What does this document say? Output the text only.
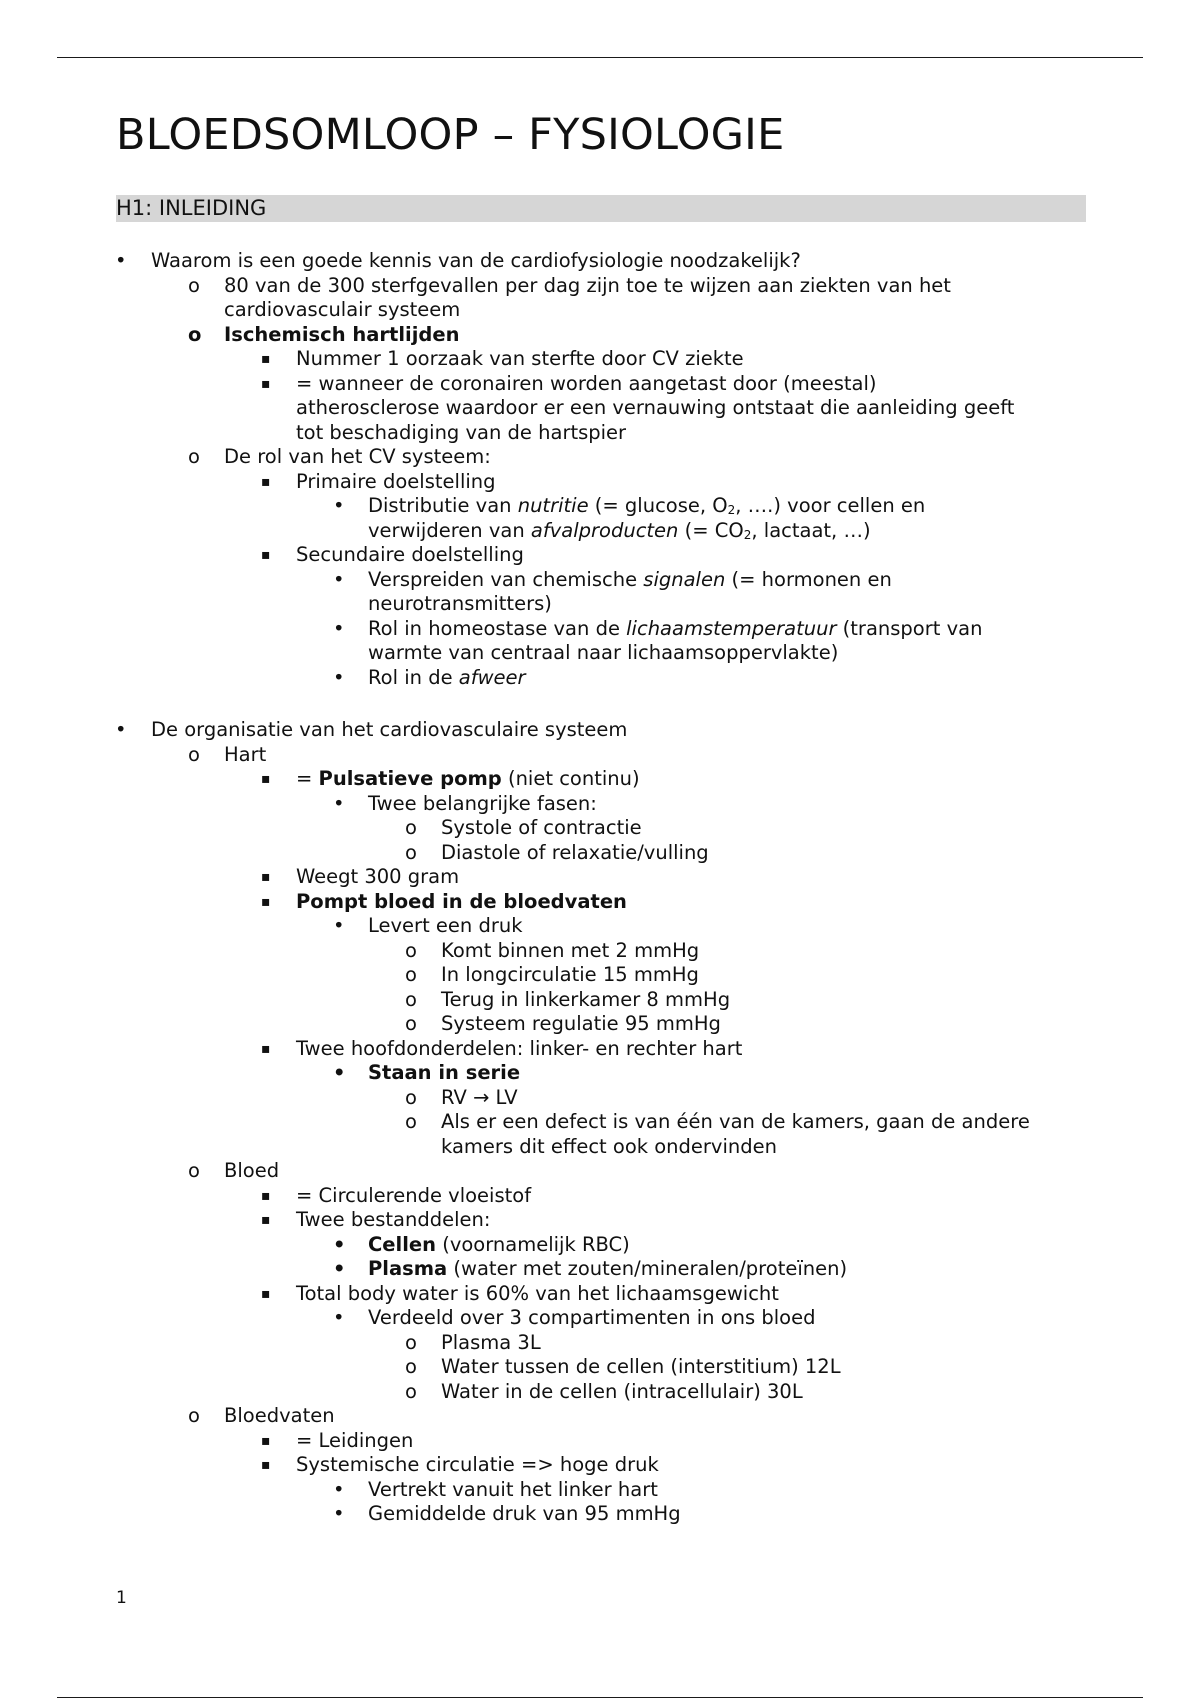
BLOEDSOMLOOP – FYSIOLOGIE
H1: INLEIDING
• Waarom is een goede kennis van de cardiofysiologie noodzakelijk?
o 80 van de 300 sterfgevallen per dag zijn toe te wijzen aan ziekten van het
cardiovasculair systeem
o Ischemisch hartlijden
▪ Nummer 1 oorzaak van sterfte door CV ziekte
▪ = wanneer de coronairen worden aangetast door (meestal)
atherosclerose waardoor er een vernauwing ontstaat die aanleiding geeft
tot beschadiging van de hartspier
o De rol van het CV systeem:
▪ Primaire doelstelling
• Distributie van nutritie (= glucose, $O_2$, ….) voor cellen en
verwijderen van afvalproducten (= $CO_2$, lactaat, …)
▪ Secundaire doelstelling
• Verspreiden van chemische signalen (= hormonen en
neurotransmitters)
• Rol in homeostase van de lichaamstemperatuur (transport van
warmte van centraal naar lichaamsoppervlakte)
• Rol in de afweer
• De organisatie van het cardiovasculaire systeem
o Hart
▪ = Pulsatieve pomp (niet continu)
• Twee belangrijke fasen:
o Systole of contractie
o Diastole of relaxatie/vulling
▪ Weegt 300 gram
▪ Pompt bloed in de bloedvaten
• Levert een druk
o Komt binnen met 2 mmHg
o In longcirculatie 15 mmHg
o Terug in linkerkamer 8 mmHg
o Systeem regulatie 95 mmHg
▪ Twee hoofdonderdelen: linker- en rechter hart
• Staan in serie
o RV → LV
o Als er een defect is van één van de kamers, gaan de andere
kamers dit effect ook ondervinden
o Bloed
▪ = Circulerende vloeistof
▪ Twee bestanddelen:
• Cellen (voornamelijk RBC)
• Plasma (water met zouten/mineralen/proteïnen)
▪ Total body water is 60% van het lichaamsgewicht
• Verdeeld over 3 compartimenten in ons bloed
o Plasma 3L
o Water tussen de cellen (interstitium) 12L
o Water in de cellen (intracellulair) 30L
o Bloedvaten
▪ = Leidingen
▪ Systemische circulatie => hoge druk
• Vertrekt vanuit het linker hart
• Gemiddelde druk van 95 mmHg
1
